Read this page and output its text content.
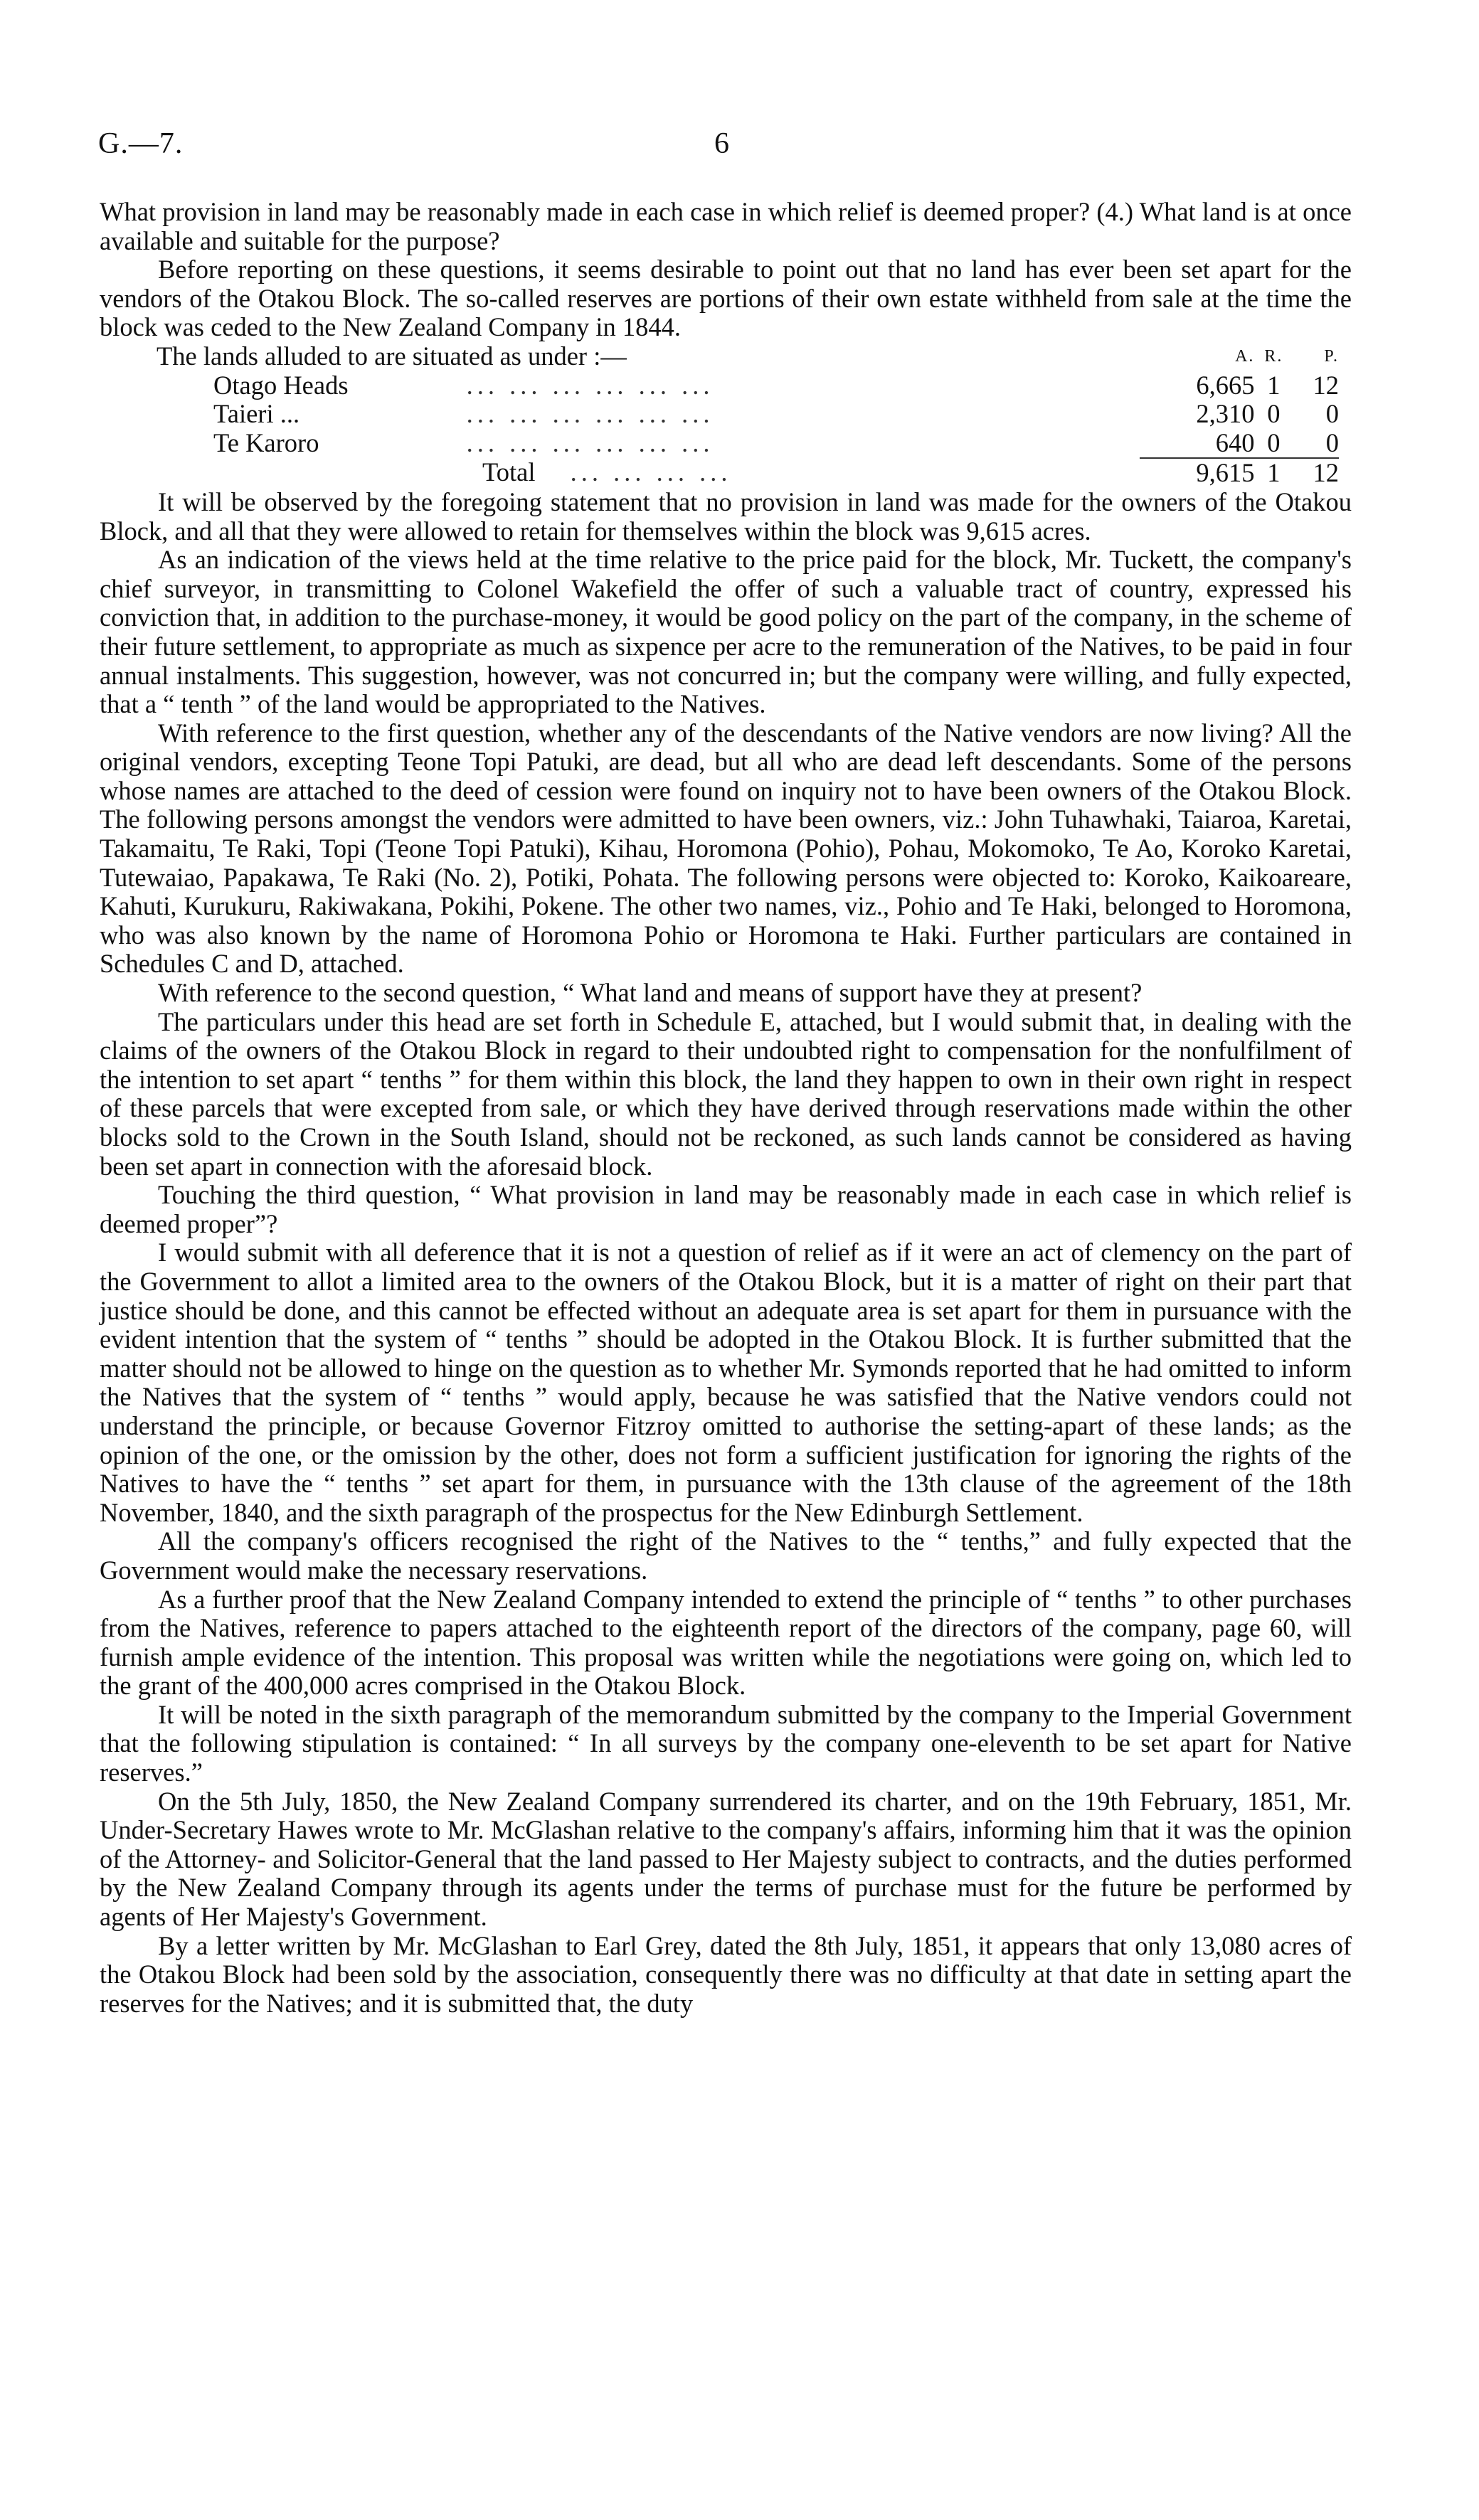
G.—7.	6

What provision in land may be reasonably made in each case in which relief is deemed proper? (4.) What land is at once available and suitable for the purpose?

Before reporting on these questions, it seems desirable to point out that no land has ever been set apart for the vendors of the Otakou Block. The so-called reserves are portions of their own estate withheld from sale at the time the block was ceded to the New Zealand Company in 1844.

The lands alluded to are situated as under :—		A.	R.	P.
Otago Heads	... ... ... ... ... ...	6,665	1	12
Taieri ...	... ... ... ... ... ...	2,310	0	0
Te Karoro	... ... ... ... ... ...	640	0	0
Total ... ... ... ...		9,615	1	12

It will be observed by the foregoing statement that no provision in land was made for the owners of the Otakou Block, and all that they were allowed to retain for themselves within the block was 9,615 acres.

As an indication of the views held at the time relative to the price paid for the block, Mr. Tuckett, the company's chief surveyor, in transmitting to Colonel Wakefield the offer of such a valuable tract of country, expressed his conviction that, in addition to the purchase-money, it would be good policy on the part of the company, in the scheme of their future settlement, to appropriate as much as sixpence per acre to the remuneration of the Natives, to be paid in four annual instalments. This suggestion, however, was not concurred in; but the company were willing, and fully expected, that a “ tenth ” of the land would be appropriated to the Natives.

With reference to the first question, whether any of the descendants of the Native vendors are now living? All the original vendors, excepting Teone Topi Patuki, are dead, but all who are dead left descendants. Some of the persons whose names are attached to the deed of cession were found on inquiry not to have been owners of the Otakou Block. The following persons amongst the vendors were admitted to have been owners, viz.: John Tuhawhaki, Taiaroa, Karetai, Takamaitu, Te Raki, Topi (Teone Topi Patuki), Kihau, Horomona (Pohio), Pohau, Mokomoko, Te Ao, Koroko Karetai, Tutewaiao, Papakawa, Te Raki (No. 2), Potiki, Pohata. The following persons were objected to: Koroko, Kaikoareare, Kahuti, Kurukuru, Rakiwakana, Pokihi, Pokene. The other two names, viz., Pohio and Te Haki, belonged to Horomona, who was also known by the name of Horomona Pohio or Horomona te Haki. Further particulars are contained in Schedules C and D, attached.

With reference to the second question, “ What land and means of support have they at present?

The particulars under this head are set forth in Schedule E, attached, but I would submit that, in dealing with the claims of the owners of the Otakou Block in regard to their undoubted right to compensation for the nonfulfilment of the intention to set apart “ tenths ” for them within this block, the land they happen to own in their own right in respect of these parcels that were excepted from sale, or which they have derived through reservations made within the other blocks sold to the Crown in the South Island, should not be reckoned, as such lands cannot be considered as having been set apart in connection with the aforesaid block.

Touching the third question, “ What provision in land may be reasonably made in each case in which relief is deemed proper”?

I would submit with all deference that it is not a question of relief as if it were an act of clemency on the part of the Government to allot a limited area to the owners of the Otakou Block, but it is a matter of right on their part that justice should be done, and this cannot be effected without an adequate area is set apart for them in pursuance with the evident intention that the system of “ tenths ” should be adopted in the Otakou Block. It is further submitted that the matter should not be allowed to hinge on the question as to whether Mr. Symonds reported that he had omitted to inform the Natives that the system of “ tenths ” would apply, because he was satisfied that the Native vendors could not understand the principle, or because Governor Fitzroy omitted to authorise the setting-apart of these lands; as the opinion of the one, or the omission by the other, does not form a sufficient justification for ignoring the rights of the Natives to have the “ tenths ” set apart for them, in pursuance with the 13th clause of the agreement of the 18th November, 1840, and the sixth paragraph of the prospectus for the New Edinburgh Settlement.

All the company's officers recognised the right of the Natives to the “ tenths,” and fully expected that the Government would make the necessary reservations.

As a further proof that the New Zealand Company intended to extend the principle of “ tenths ” to other purchases from the Natives, reference to papers attached to the eighteenth report of the directors of the company, page 60, will furnish ample evidence of the intention. This proposal was written while the negotiations were going on, which led to the grant of the 400,000 acres comprised in the Otakou Block.

It will be noted in the sixth paragraph of the memorandum submitted by the company to the Imperial Government that the following stipulation is contained: “ In all surveys by the company one-eleventh to be set apart for Native reserves.”

On the 5th July, 1850, the New Zealand Company surrendered its charter, and on the 19th February, 1851, Mr. Under-Secretary Hawes wrote to Mr. McGlashan relative to the company's affairs, informing him that it was the opinion of the Attorney- and Solicitor-General that the land passed to Her Majesty subject to contracts, and the duties performed by the New Zealand Company through its agents under the terms of purchase must for the future be performed by agents of Her Majesty's Government.

By a letter written by Mr. McGlashan to Earl Grey, dated the 8th July, 1851, it appears that only 13,080 acres of the Otakou Block had been sold by the association, consequently there was no difficulty at that date in setting apart the reserves for the Natives; and it is submitted that, the duty
